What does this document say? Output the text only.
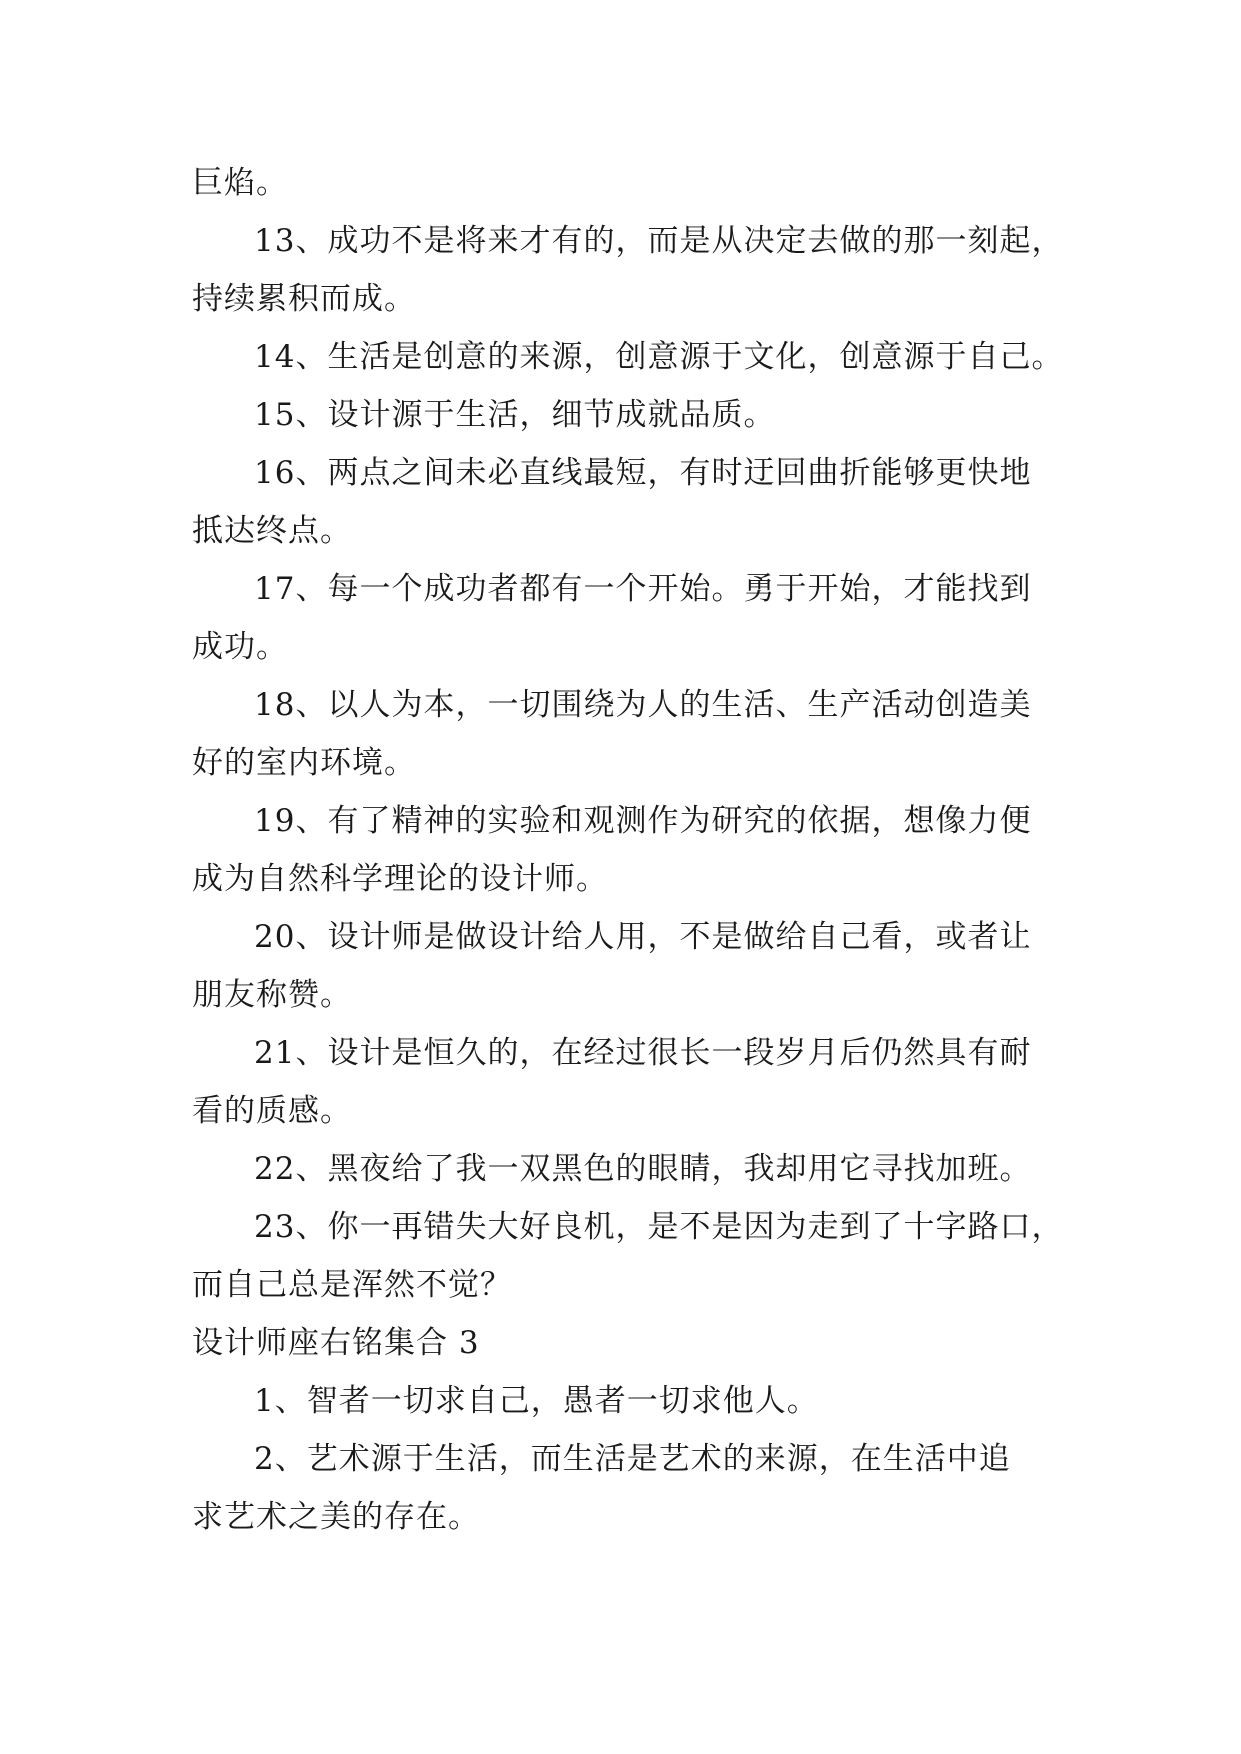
巨焰。
13、成功不是将来才有的，而是从决定去做的那一刻起，
持续累积而成。
14、生活是创意的来源，创意源于文化，创意源于自己。
15、设计源于生活，细节成就品质。
16、两点之间未必直线最短，有时迂回曲折能够更快地
抵达终点。
17、每一个成功者都有一个开始。勇于开始，才能找到
成功。
18、以人为本，一切围绕为人的生活、生产活动创造美
好的室内环境。
19、有了精神的实验和观测作为研究的依据，想像力便
成为自然科学理论的设计师。
20、设计师是做设计给人用，不是做给自己看，或者让
朋友称赞。
21、设计是恒久的，在经过很长一段岁月后仍然具有耐
看的质感。
22、黑夜给了我一双黑色的眼睛，我却用它寻找加班。
23、你一再错失大好良机，是不是因为走到了十字路口，
而自己总是浑然不觉？
设计师座右铭集合 3
1、智者一切求自己，愚者一切求他人。
2、艺术源于生活，而生活是艺术的来源，在生活中追
求艺术之美的存在。
